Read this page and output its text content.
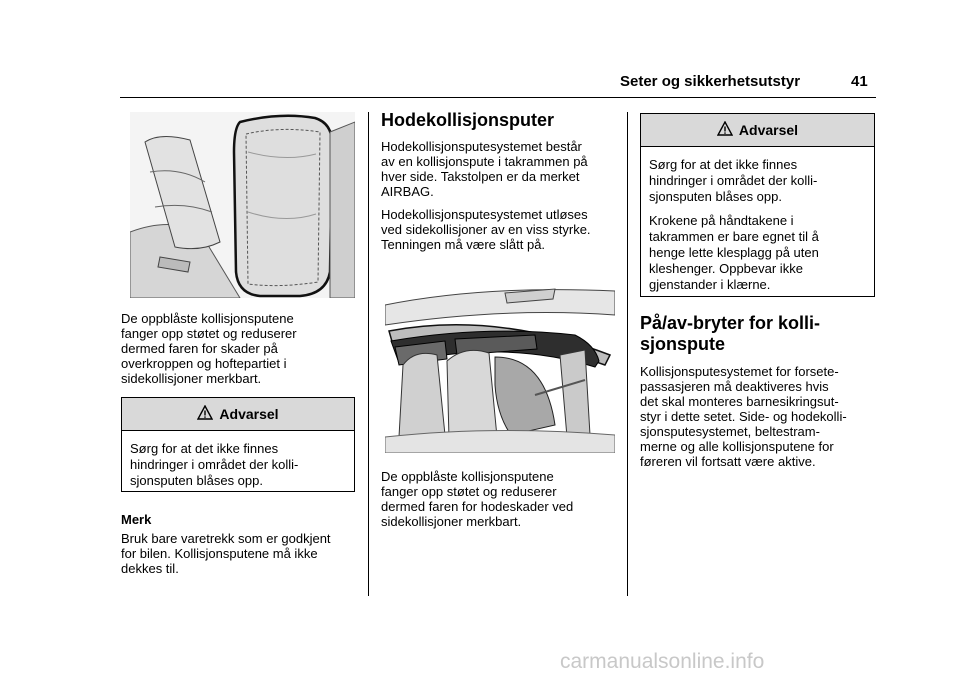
Seter og sikkerhetsutstyr	41
De oppblåste kollisjonsputene
fanger opp støtet og reduserer
dermed faren for skader på
overkroppen og hoftepartiet i
sidekollisjoner merkbart.
Advarsel
Sørg for at det ikke finnes
hindringer i området der kolli-
sjonsputen blåses opp.

Merk

Bruk bare varetrekk som er godkjent
for bilen. Kollisjonsputene må ikke
dekkes til.
Hodekollisjonsputer

Hodekollisjonsputesystemet består
av en kollisjonspute i takrammen på
hver side. Takstolpen er da merket
AIRBAG.

Hodekollisjonsputesystemet utløses
ved sidekollisjoner av en viss styrke.
Tenningen må være slått på.

De oppblåste kollisjonsputene
fanger opp støtet og reduserer
dermed faren for hodeskader ved
sidekollisjoner merkbart.
Advarsel

Sørg for at det ikke finnes
hindringer i området der kolli-
sjonsputen blåses opp.

Krokene på håndtakene i
takrammen er bare egnet til å
henge lette klesplagg på uten
kleshenger. Oppbevar ikke
gjenstander i klærne.

På/av-bryter for kolli-
sjonspute
Kollisjonsputesystemet for forsete-
passasjeren må deaktiveres hvis
det skal monteres barnesikringsut-
styr i dette setet. Side- og hodekolli-
sjonsputesystemet, beltestram-
merne og alle kollisjonsputene for
føreren vil fortsatt være aktive.
carmanualsonline.info
